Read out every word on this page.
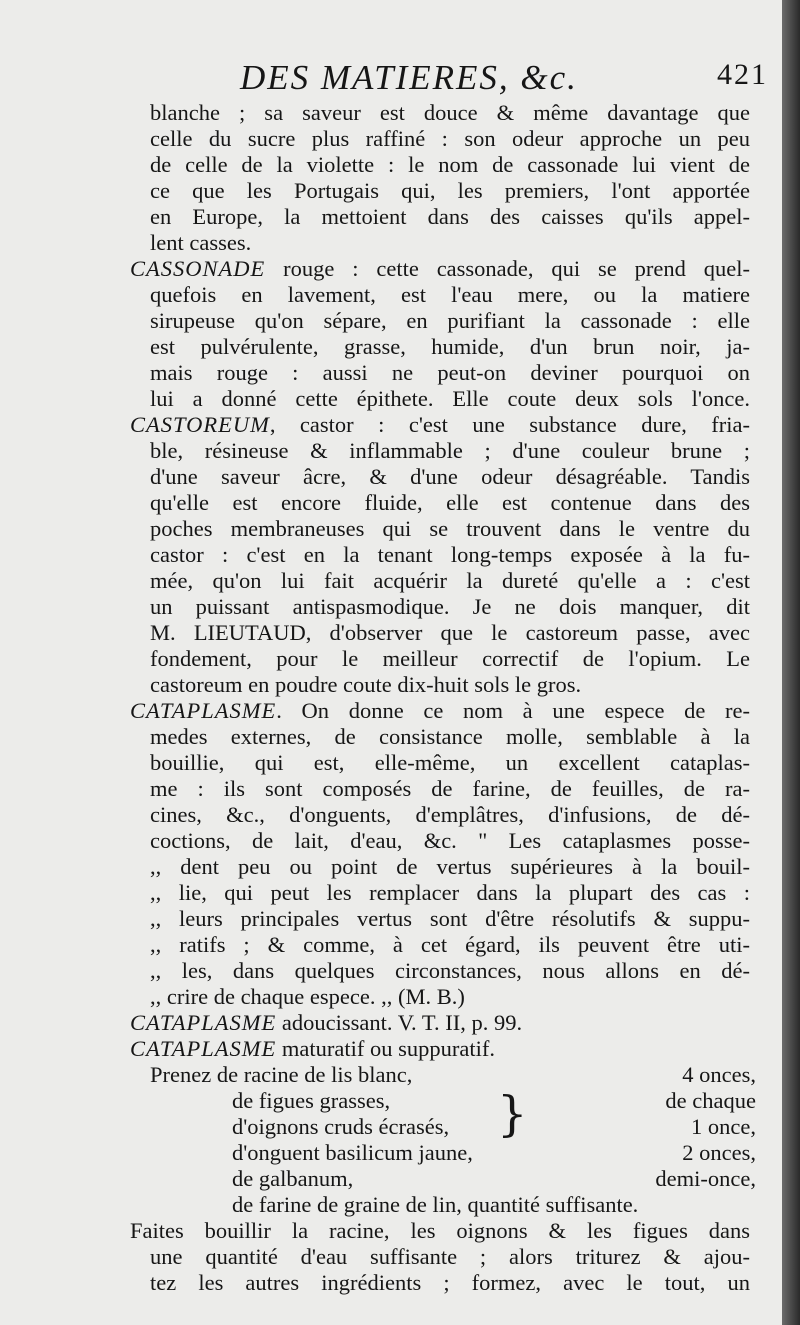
DES MATIERES, &c.	421
blanche ; sa saveur est douce & même davantage que
celle du sucre plus raffiné : son odeur approche un peu
de celle de la violette : le nom de cassonade lui vient de
ce que les Portugais qui, les premiers, l'ont apportée
en Europe, la mettoient dans des caisses qu'ils appel-
lent casses.
CASSONADE rouge : cette cassonade, qui se prend quel-
quefois en lavement, est l'eau mere, ou la matiere
sirupeuse qu'on sépare, en purifiant la cassonade : elle
est pulvérulente, grasse, humide, d'un brun noir, ja-
mais rouge : aussi ne peut-on deviner pourquoi on
lui a donné cette épithete. Elle coute deux sols l'once.
CASTOREUM, castor : c'est une substance dure, fria-
ble, résineuse & inflammable ; d'une couleur brune ;
d'une saveur âcre, & d'une odeur désagréable. Tandis
qu'elle est encore fluide, elle est contenue dans des
poches membraneuses qui se trouvent dans le ventre du
castor : c'est en la tenant long-temps exposée à la fu-
mée, qu'on lui fait acquérir la dureté qu'elle a : c'est
un puissant antispasmodique. Je ne dois manquer, dit
M. LIEUTAUD, d'observer que le castoreum passe, avec
fondement, pour le meilleur correctif de l'opium. Le
castoreum en poudre coute dix-huit sols le gros.
CATAPLASME. On donne ce nom à une espece de re-
medes externes, de consistance molle, semblable à la
bouillie, qui est, elle-même, un excellent cataplas-
me : ils sont composés de farine, de feuilles, de ra-
cines, &c., d'onguents, d'emplâtres, d'infusions, de dé-
coctions, de lait, d'eau, &c. " Les cataplasmes posse-
,, dent peu ou point de vertus supérieures à la bouil-
,, lie, qui peut les remplacer dans la plupart des cas :
,, leurs principales vertus sont d'être résolutifs & suppu-
,, ratifs ; & comme, à cet égard, ils peuvent être uti-
,, les, dans quelques circonstances, nous allons en dé-
,, crire de chaque espece. ,, (M. B.)
CATAPLASME adoucissant. V. T. II, p. 99.
CATAPLASME maturatif ou suppuratif.
Prenez de racine de lis blanc,	4 onces,
de figues grasses,	de chaque
d'oignons cruds écrasés,	1 once,
}
d'onguent basilicum jaune,	2 onces,
de galbanum,	demi-once,
de farine de graine de lin, quantité suffisante.
Faites bouillir la racine, les oignons & les figues dans
une quantité d'eau suffisante ; alors triturez & ajou-
tez les autres ingrédients ; formez, avec le tout, un
